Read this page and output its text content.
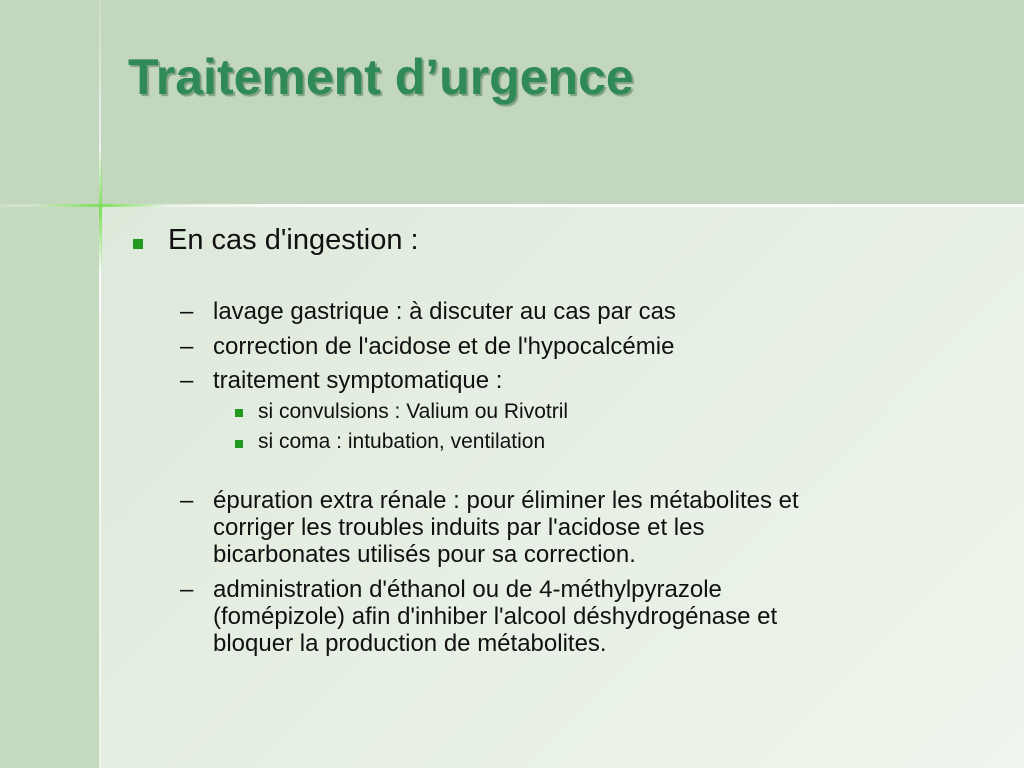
Traitement d’urgence
En cas d'ingestion :
– lavage gastrique : à discuter au cas par cas
– correction de l'acidose et de l'hypocalcémie
– traitement symptomatique :
si convulsions : Valium ou Rivotril
si coma : intubation, ventilation
– épuration extra rénale : pour éliminer les métabolites et
corriger les troubles induits par l'acidose et les
bicarbonates utilisés pour sa correction.
– administration d'éthanol ou de 4-méthylpyrazole
(fomépizole) afin d'inhiber l'alcool déshydrogénase et
bloquer la production de métabolites.
